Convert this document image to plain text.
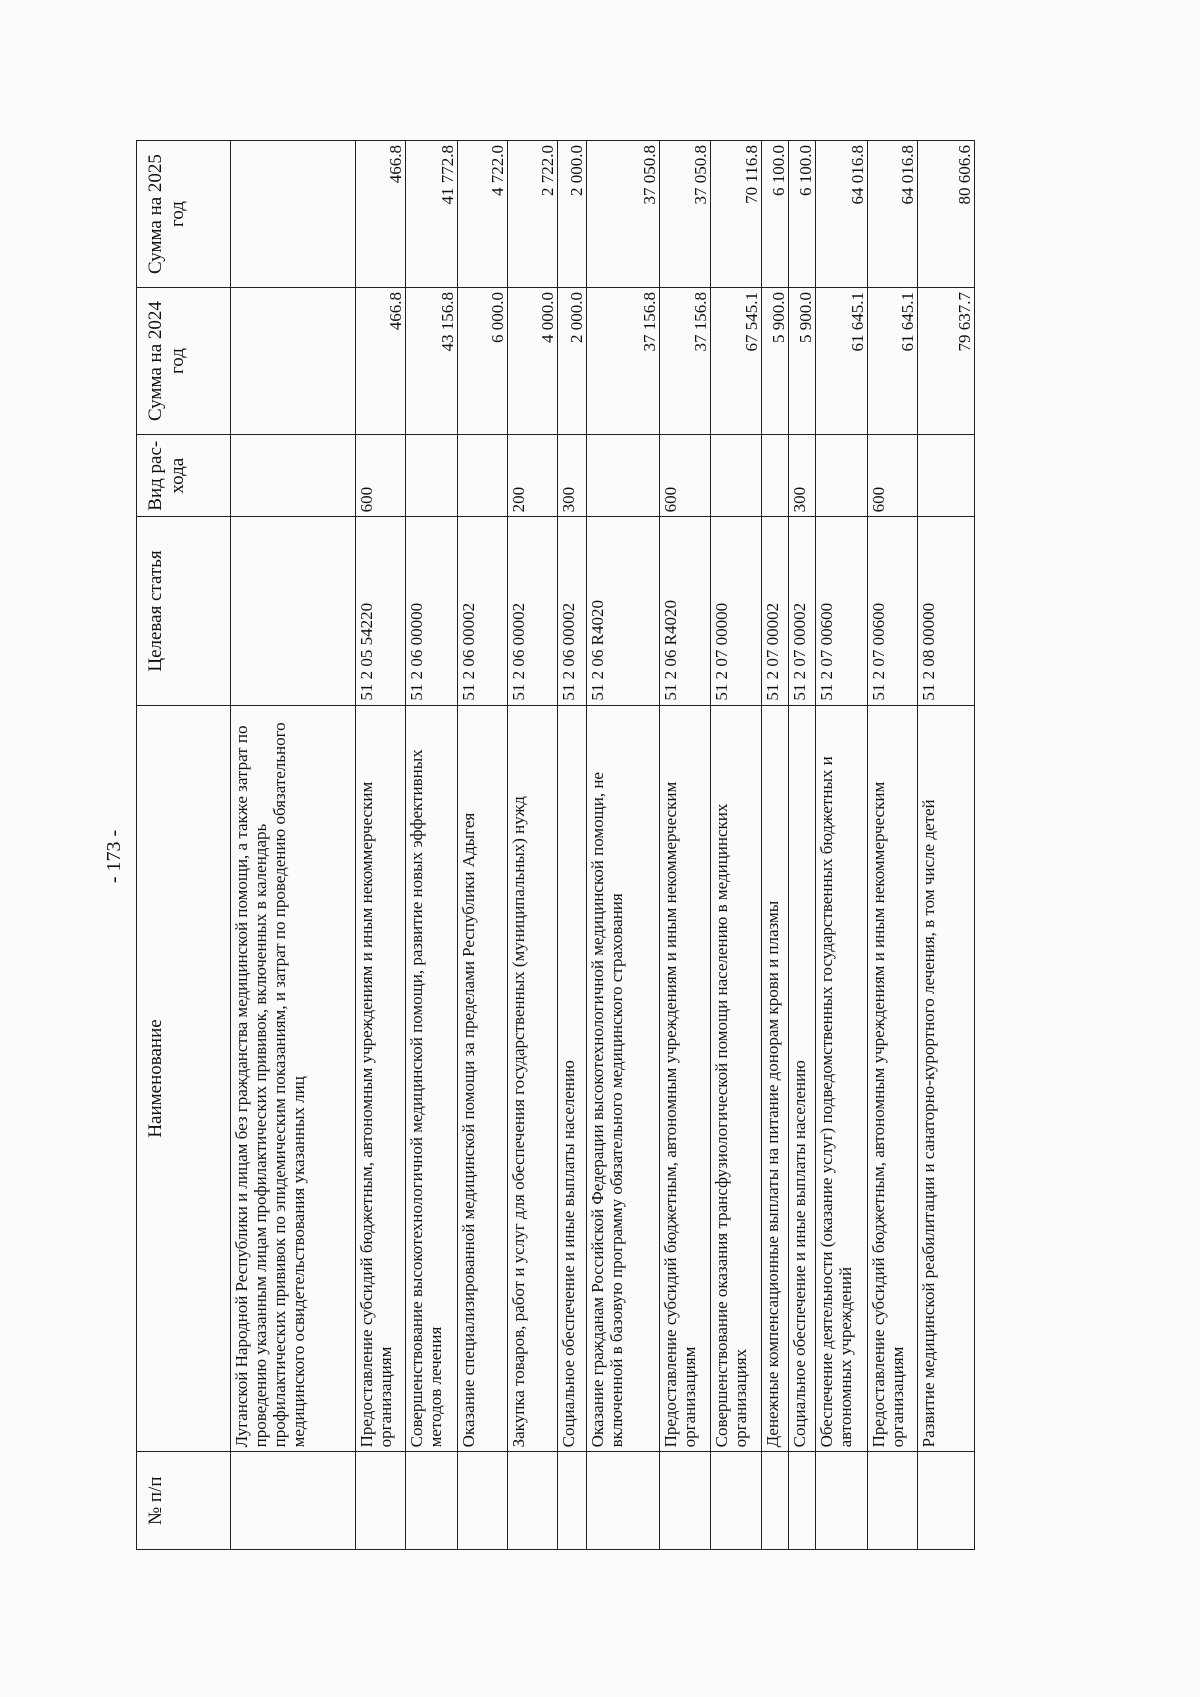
- 173 -
№ п/п	Наименование	Целевая статья	Вид рас-хода	Сумма на 2024 год	Сумма на 2025 год
	Луганской Народной Республики и лицам без гражданства медицинской помощи, а также затрат по проведению указанным лицам профилактических прививок, включенных в календарь профилактических прививок по эпидемическим показаниям, и затрат по проведению обязательного медицинского освидетельствования указанных лиц				
	Предоставление субсидий бюджетным, автономным учреждениям и иным некоммерческим организациям	51 2 05 54220	600	466.8	466.8
	Совершенствование высокотехнологичной медицинской помощи, развитие новых эффективных методов лечения	51 2 06 00000		43 156.8	41 772.8
	Оказание специализированной медицинской помощи за пределами Республики Адыгея	51 2 06 00002		6 000.0	4 722.0
	Закупка товаров, работ и услуг для обеспечения государственных (муниципальных) нужд	51 2 06 00002	200	4 000.0	2 722.0
	Социальное обеспечение и иные выплаты населению	51 2 06 00002	300	2 000.0	2 000.0
	Оказание гражданам Российской Федерации высокотехнологичной медицинской помощи, не включенной в базовую программу обязательного медицинского страхования	51 2 06 R4020		37 156.8	37 050.8
	Предоставление субсидий бюджетным, автономным учреждениям и иным некоммерческим организациям	51 2 06 R4020	600	37 156.8	37 050.8
	Совершенствование оказания трансфузиологической помощи населению в медицинских организациях	51 2 07 00000		67 545.1	70 116.8
	Денежные компенсационные выплаты на питание донорам крови и плазмы	51 2 07 00002		5 900.0	6 100.0
	Социальное обеспечение и иные выплаты населению	51 2 07 00002	300	5 900.0	6 100.0
	Обеспечение деятельности (оказание услуг) подведомственных государственных бюджетных и автономных учреждений	51 2 07 00600		61 645.1	64 016.8
	Предоставление субсидий бюджетным, автономным учреждениям и иным некоммерческим организациям	51 2 07 00600	600	61 645.1	64 016.8
	Развитие медицинской реабилитации и санаторно-курортного лечения, в том числе детей	51 2 08 00000		79 637.7	80 606.6
